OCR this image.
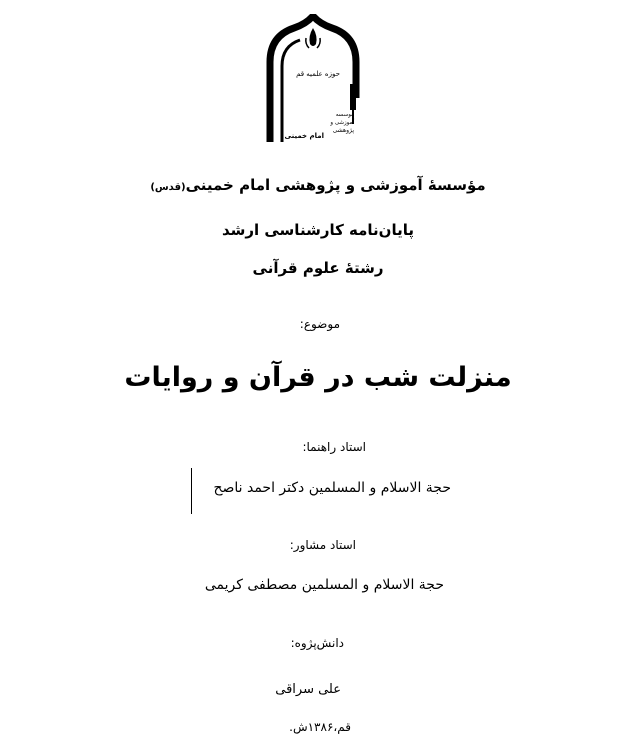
حوزه علمیه قم
موسسه
آموزشی و
پژوهشی
امام خمینی
مؤسسۀ آموزشی و پژوهشی امام خمینی(قدس)
پایان‌نامه کارشناسی ارشد
رشتۀ علوم قرآنی
موضوع:
منزلت شب در قرآن و روایات
استاد راهنما:
حجة الاسلام و المسلمین دکتر احمد ناصح
استاد مشاور:
حجة الاسلام و المسلمین مصطفی کریمی
دانش‌پژوه:
علی سراقی
قم،۱۳۸۶ش.
